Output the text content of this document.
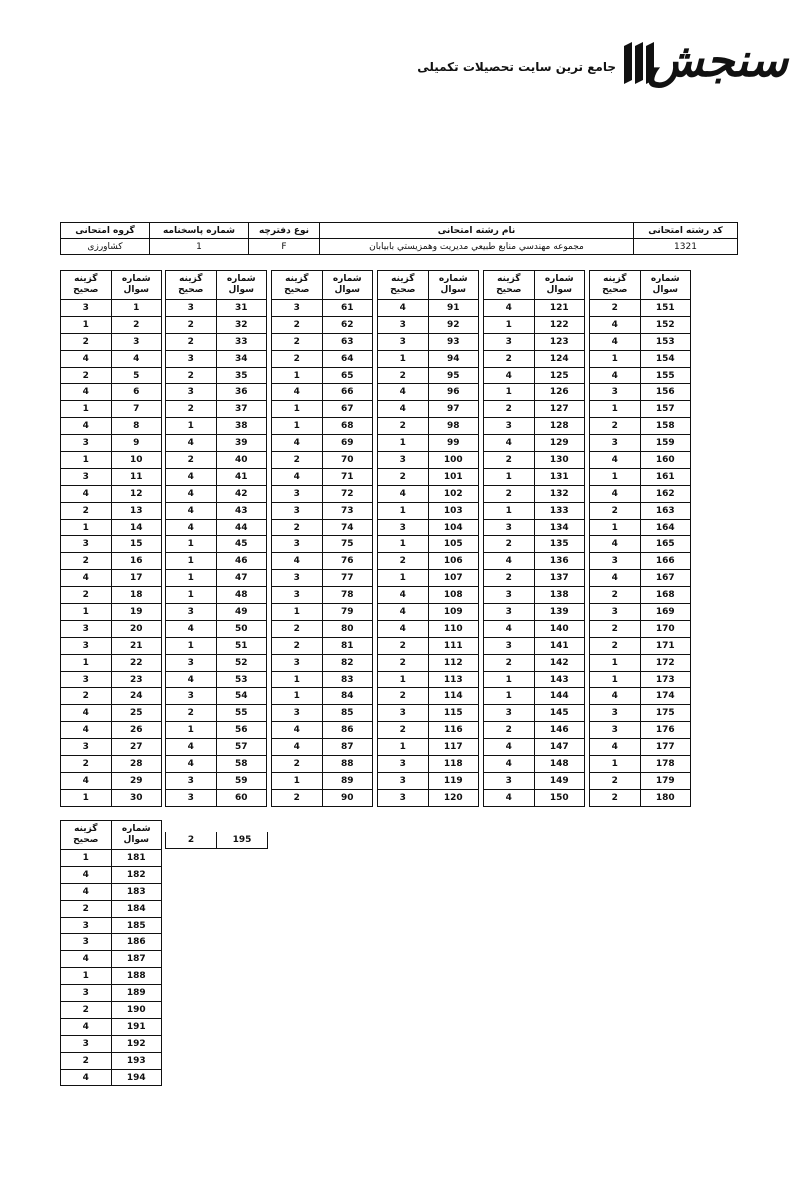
جامع ترین سایت تحصیلات تکمیلی سنجش
کد رشته امتحانی	نام رشته امتحانی	نوع دفترچه	شماره پاسخنامه	گروه امتحانی
1321	مجموعه مهندسي منابع طبيعي مديريت وهمزيستي بابيابان	F	1	کشاورزی
شماره سوال	گزینه صحیح
151	2
152	4
153	4
154	1
155	4
156	3
157	1
158	2
159	3
160	4
161	1
162	4
163	2
164	1
165	4
166	3
167	4
168	2
169	3
170	2
171	2
172	1
173	1
174	4
175	3
176	3
177	4
178	1
179	2
180	2
شماره سوال	گزینه صحیح
121	4
122	1
123	3
124	2
125	4
126	1
127	2
128	3
129	4
130	2
131	1
132	2
133	1
134	3
135	2
136	4
137	2
138	3
139	3
140	4
141	3
142	2
143	1
144	1
145	3
146	2
147	4
148	4
149	3
150	4
شماره سوال	گزینه صحیح
91	4
92	3
93	3
94	1
95	2
96	4
97	4
98	2
99	1
100	3
101	2
102	4
103	1
104	3
105	1
106	2
107	1
108	4
109	4
110	4
111	2
112	2
113	1
114	2
115	3
116	2
117	1
118	3
119	3
120	3
شماره سوال	گزینه صحیح
61	3
62	2
63	2
64	2
65	1
66	4
67	1
68	1
69	4
70	2
71	4
72	3
73	3
74	2
75	3
76	4
77	3
78	3
79	1
80	2
81	2
82	3
83	1
84	1
85	3
86	4
87	4
88	2
89	1
90	2
شماره سوال	گزینه صحیح
31	3
32	2
33	2
34	3
35	2
36	3
37	2
38	1
39	4
40	2
41	4
42	4
43	4
44	4
45	1
46	1
47	1
48	1
49	3
50	4
51	1
52	3
53	4
54	3
55	2
56	1
57	4
58	4
59	3
60	3
شماره سوال	گزینه صحیح
1	3
2	1
3	2
4	4
5	2
6	4
7	1
8	4
9	3
10	1
11	3
12	4
13	2
14	1
15	3
16	2
17	4
18	2
19	1
20	3
21	3
22	1
23	3
24	2
25	4
26	4
27	3
28	2
29	4
30	1
شماره سوال	گزینه صحیح
181	1
182	4
183	4
184	2
185	3
186	3
187	4
188	1
189	3
190	2
191	4
192	3
193	2
194	4
195	2
